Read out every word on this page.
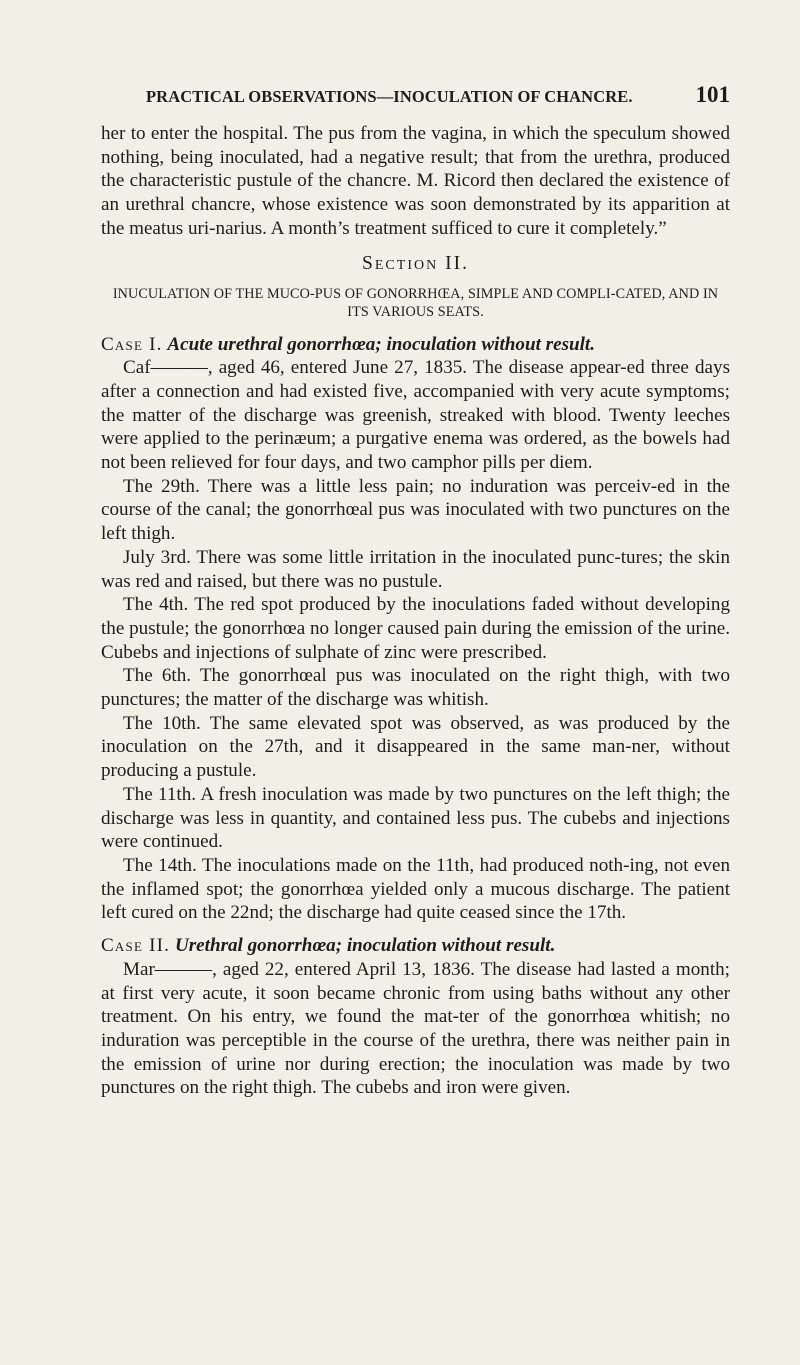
PRACTICAL OBSERVATIONS—INOCULATION OF CHANCRE.	101

her to enter the hospital. The pus from the vagina, in which the speculum showed nothing, being inoculated, had a negative result; that from the urethra, produced the characteristic pustule of the chancre. M. Ricord then declared the existence of an urethral chancre, whose existence was soon demonstrated by its apparition at the meatus uri-narius. A month’s treatment sufficed to cure it completely.”

Section II.
INUCULATION OF THE MUCO-PUS OF GONORRHŒA, SIMPLE AND COMPLI-CATED, AND IN ITS VARIOUS SEATS.

Case I. Acute urethral gonorrhœa; inoculation without result.

Caf———, aged 46, entered June 27, 1835. The disease appear-ed three days after a connection and had existed five, accompanied with very acute symptoms; the matter of the discharge was greenish, streaked with blood. Twenty leeches were applied to the perinæum; a purgative enema was ordered, as the bowels had not been relieved for four days, and two camphor pills per diem.

The 29th. There was a little less pain; no induration was perceiv-ed in the course of the canal; the gonorrhœal pus was inoculated with two punctures on the left thigh.

July 3rd. There was some little irritation in the inoculated punc-tures; the skin was red and raised, but there was no pustule.

The 4th. The red spot produced by the inoculations faded without developing the pustule; the gonorrhœa no longer caused pain during the emission of the urine. Cubebs and injections of sulphate of zinc were prescribed.

The 6th. The gonorrhœal pus was inoculated on the right thigh, with two punctures; the matter of the discharge was whitish.

The 10th. The same elevated spot was observed, as was produced by the inoculation on the 27th, and it disappeared in the same man-ner, without producing a pustule.

The 11th. A fresh inoculation was made by two punctures on the left thigh; the discharge was less in quantity, and contained less pus. The cubebs and injections were continued.

The 14th. The inoculations made on the 11th, had produced noth-ing, not even the inflamed spot; the gonorrhœa yielded only a mucous discharge. The patient left cured on the 22nd; the discharge had quite ceased since the 17th.

Case II. Urethral gonorrhœa; inoculation without result.

Mar———, aged 22, entered April 13, 1836. The disease had lasted a month; at first very acute, it soon became chronic from using baths without any other treatment. On his entry, we found the mat-ter of the gonorrhœa whitish; no induration was perceptible in the course of the urethra, there was neither pain in the emission of urine nor during erection; the inoculation was made by two punctures on the right thigh. The cubebs and iron were given.
